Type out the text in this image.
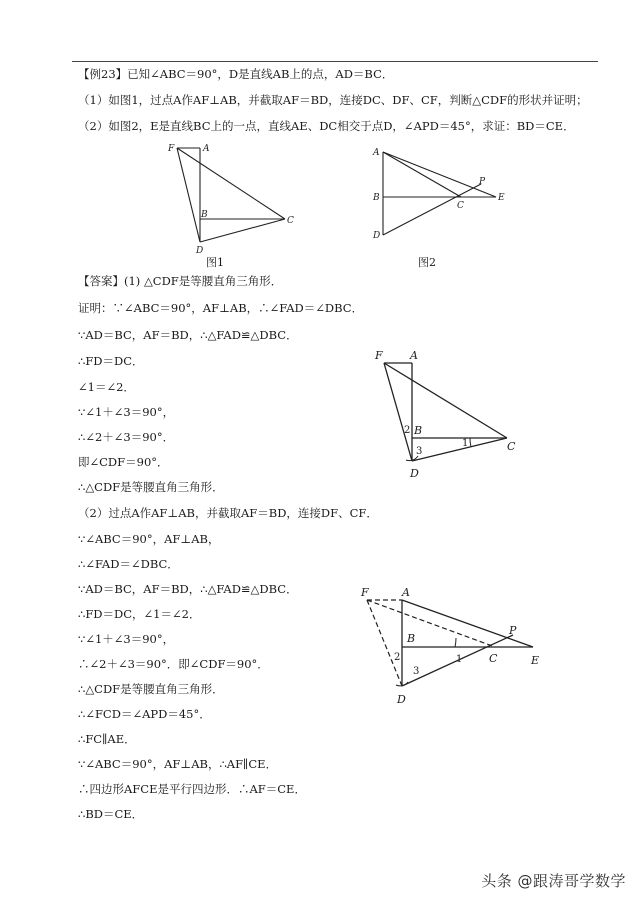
【例23】已知∠ABC＝90°，D是直线AB上的点，AD＝BC．
（1）如图1，过点A作AF⊥AB，并截取AF＝BD，连接DC、DF、CF，判断△CDF的形状并证明；
（2）如图2，E是直线BC上的一点，直线AE、DC相交于点D，∠APD＝45°，求证：BD＝CE．
F	A
B
C
D
图1
A
B
C
D
P
E
图2
【答案】(1) △CDF是等腰直角三角形．
证明：∵∠ABC＝90°，AF⊥AB，∴∠FAD＝∠DBC．
∵AD＝BC，AF＝BD，∴△FAD≌△DBC．
∴FD＝DC．
∠1＝∠2．
∵∠1＋∠3＝90°，
∴∠2＋∠3＝90°．
即∠CDF＝90°．
∴△CDF是等腰直角三角形．
（2）过点A作AF⊥AB，并截取AF＝BD，连接DF、CF．
∵∠ABC＝90°，AF⊥AB，
∴∠FAD＝∠DBC．
∵AD＝BC，AF＝BD，∴△FAD≌△DBC．
∴FD＝DC，∠1＝∠2．
∵∠1＋∠3＝90°，
∴∠2＋∠3＝90°．即∠CDF＝90°．
∴△CDF是等腰直角三角形．
∴∠FCD＝∠APD＝45°．
∴FC∥AE．
∵∠ABC＝90°，AF⊥AB，∴AF∥CE．
∴四边形AFCE是平行四边形．∴AF＝CE．
∴BD＝CE．
F A
B
C
D
1
2
3
F	A
B
C
D
P
E
1
2
3
头条 @跟涛哥学数学
